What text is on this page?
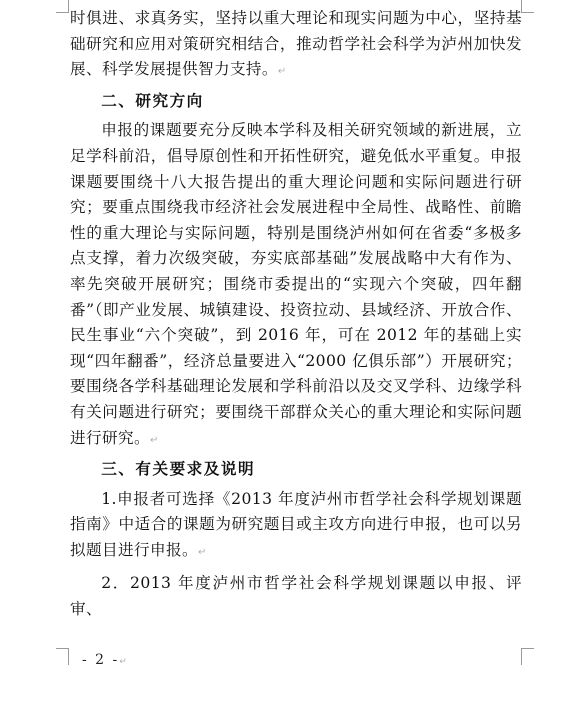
时俱进、求真务实，坚持以重大理论和现实问题为中心，坚持基础研究和应用对策研究相结合，推动哲学社会科学为泸州加快发展、科学发展提供智力支持。↵

二、研究方向

申报的课题要充分反映本学科及相关研究领域的新进展，立足学科前沿，倡导原创性和开拓性研究，避免低水平重复。申报课题要围绕十八大报告提出的重大理论问题和实际问题进行研究；要重点围绕我市经济社会发展进程中全局性、战略性、前瞻性的重大理论与实际问题，特别是围绕泸州如何在省委“多极多点支撑，着力次级突破，夯实底部基础”发展战略中大有作为、率先突破开展研究；围绕市委提出的“实现六个突破，四年翻番”（即产业发展、城镇建设、投资拉动、县域经济、开放合作、民生事业“六个突破”，到 2016 年，可在 2012 年的基础上实现“四年翻番”，经济总量要进入“2000 亿俱乐部”）开展研究；要围绕各学科基础理论发展和学科前沿以及交叉学科、边缘学科有关问题进行研究；要围绕干部群众关心的重大理论和实际问题进行研究。↵

三、有关要求及说明

1.申报者可选择《2013 年度泸州市哲学社会科学规划课题指南》中适合的课题为研究题目或主攻方向进行申报，也可以另拟题目进行申报。↵

2．2013 年度泸州市哲学社会科学规划课题以申报、评审、

- 2 -↵
